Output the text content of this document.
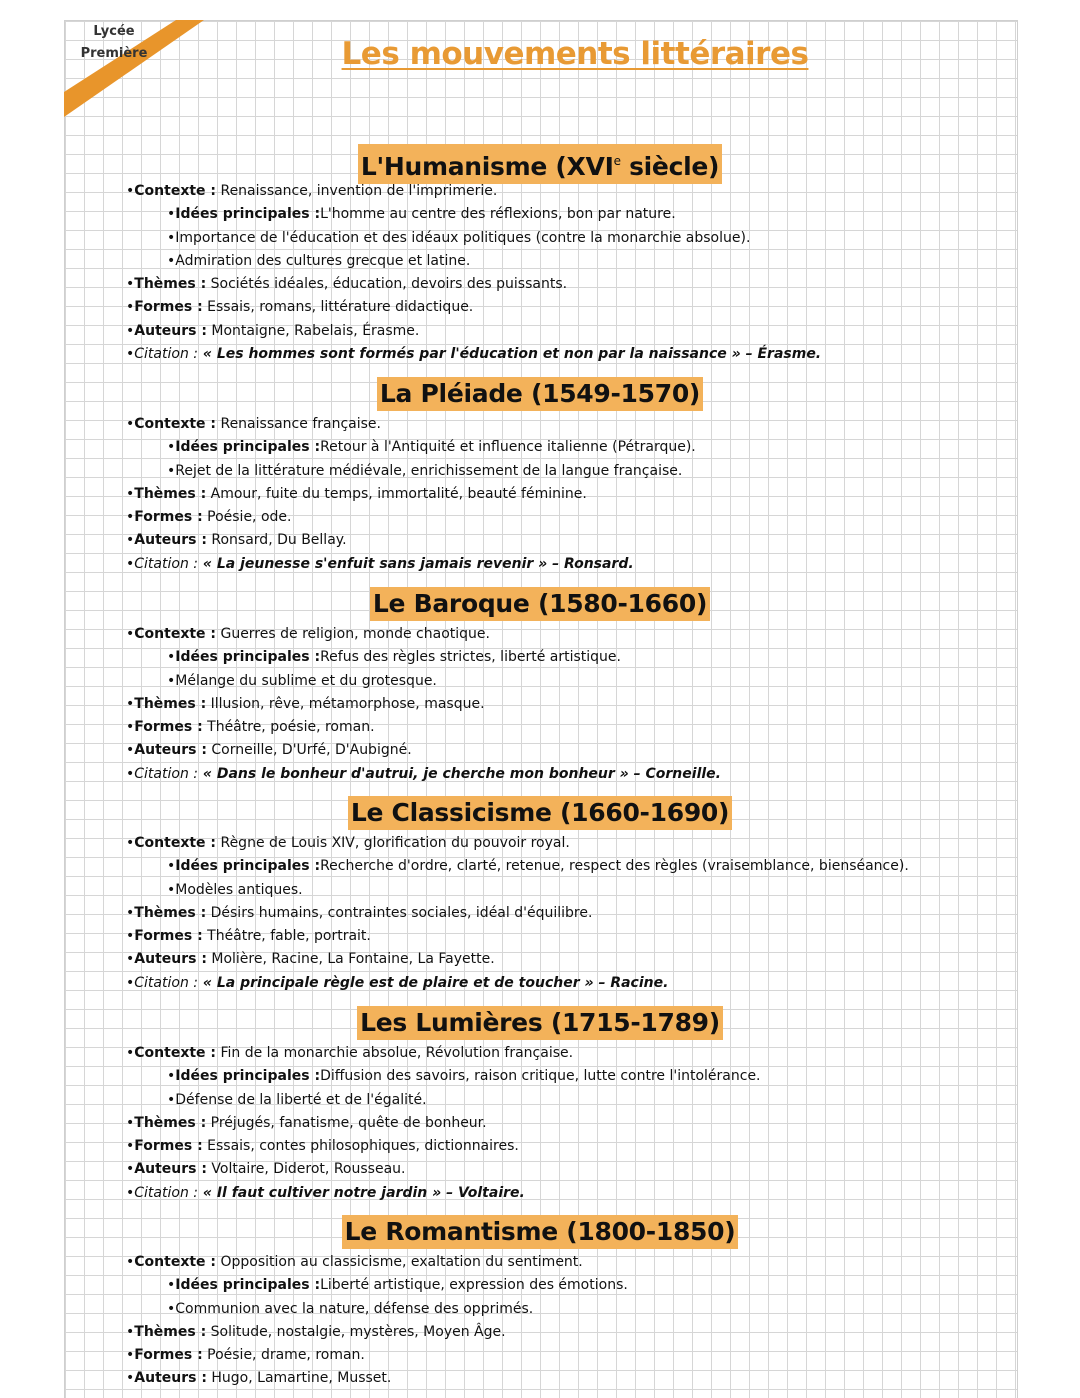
Lycée
Première	Les mouvements littéraires
L'Humanisme (XVIe siècle)
•Contexte : Renaissance, invention de l'imprimerie.
•Idées principales :L'homme au centre des réflexions, bon par nature.
•Importance de l'éducation et des idéaux politiques (contre la monarchie absolue).
•Admiration des cultures grecque et latine.
•Thèmes : Sociétés idéales, éducation, devoirs des puissants.
•Formes : Essais, romans, littérature didactique.
•Auteurs : Montaigne, Rabelais, Érasme.
•Citation : « Les hommes sont formés par l'éducation et non par la naissance » – Érasme.
La Pléiade (1549-1570)
•Contexte : Renaissance française.
•Idées principales :Retour à l'Antiquité et influence italienne (Pétrarque).
•Rejet de la littérature médiévale, enrichissement de la langue française.
•Thèmes : Amour, fuite du temps, immortalité, beauté féminine.
•Formes : Poésie, ode.
•Auteurs : Ronsard, Du Bellay.
•Citation : « La jeunesse s'enfuit sans jamais revenir » – Ronsard.
Le Baroque (1580-1660)
•Contexte : Guerres de religion, monde chaotique.
•Idées principales :Refus des règles strictes, liberté artistique.
•Mélange du sublime et du grotesque.
•Thèmes : Illusion, rêve, métamorphose, masque.
•Formes : Théâtre, poésie, roman.
•Auteurs : Corneille, D'Urfé, D'Aubigné.
•Citation : « Dans le bonheur d'autrui, je cherche mon bonheur » – Corneille.
Le Classicisme (1660-1690)
•Contexte : Règne de Louis XIV, glorification du pouvoir royal.
•Idées principales :Recherche d'ordre, clarté, retenue, respect des règles (vraisemblance, bienséance).
•Modèles antiques.
•Thèmes : Désirs humains, contraintes sociales, idéal d'équilibre.
•Formes : Théâtre, fable, portrait.
•Auteurs : Molière, Racine, La Fontaine, La Fayette.
•Citation : « La principale règle est de plaire et de toucher » – Racine.
Les Lumières (1715-1789)
•Contexte : Fin de la monarchie absolue, Révolution française.
•Idées principales :Diffusion des savoirs, raison critique, lutte contre l'intolérance.
•Défense de la liberté et de l'égalité.
•Thèmes : Préjugés, fanatisme, quête de bonheur.
•Formes : Essais, contes philosophiques, dictionnaires.
•Auteurs : Voltaire, Diderot, Rousseau.
•Citation : « Il faut cultiver notre jardin » – Voltaire.
Le Romantisme (1800-1850)
•Contexte : Opposition au classicisme, exaltation du sentiment.
•Idées principales :Liberté artistique, expression des émotions.
•Communion avec la nature, défense des opprimés.
•Thèmes : Solitude, nostalgie, mystères, Moyen Âge.
•Formes : Poésie, drame, roman.
•Auteurs : Hugo, Lamartine, Musset.
